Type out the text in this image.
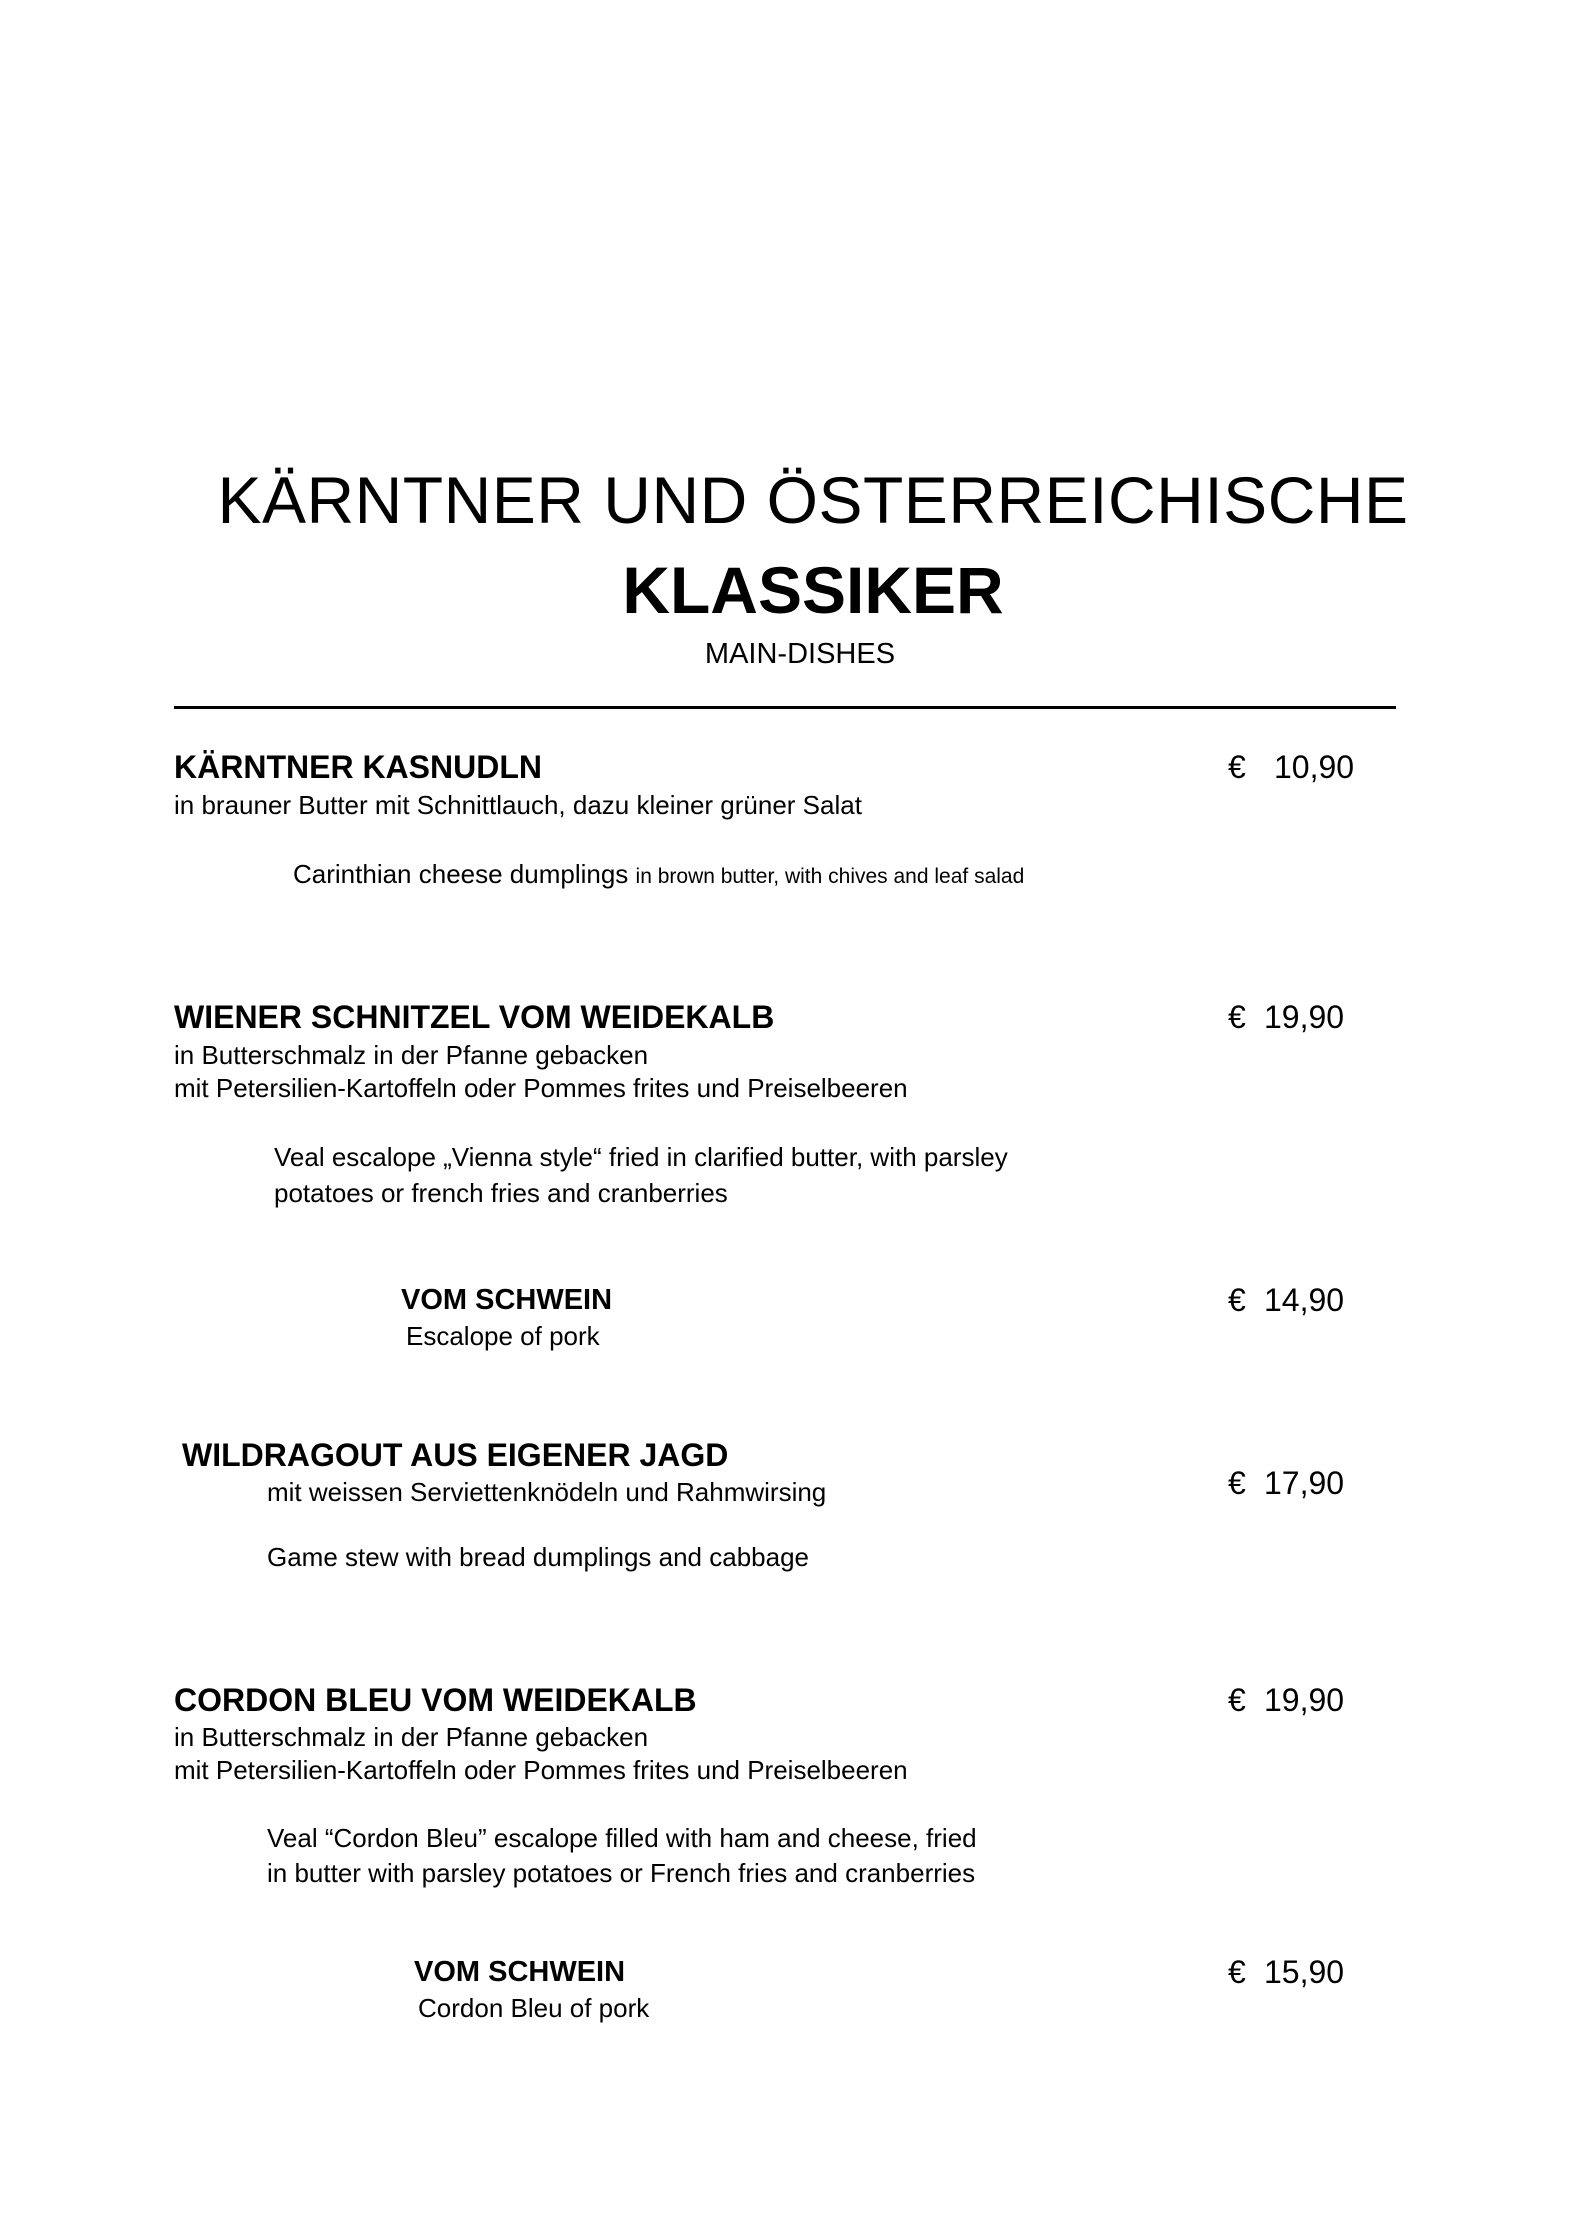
KÄRNTNER UND ÖSTERREICHISCHE
KLASSIKER
MAIN-DISHES
KÄRNTNER KASNUDLN
in brauner Butter mit Schnittlauch, dazu kleiner grüner Salat
Carinthian cheese dumplings in brown butter, with chives and leaf salad
€ 10,90
WIENER SCHNITZEL VOM WEIDEKALB
in Butterschmalz in der Pfanne gebacken
mit Petersilien-Kartoffeln oder Pommes frites und Preiselbeeren
Veal escalope „Vienna style“ fried in clarified butter, with parsley
potatoes or french fries and cranberries
€ 19,90
VOM SCHWEIN
Escalope of pork
€ 14,90
WILDRAGOUT AUS EIGENER JAGD
mit weissen Serviettenknödeln und Rahmwirsing
Game stew with bread dumplings and cabbage
€ 17,90
CORDON BLEU VOM WEIDEKALB
in Butterschmalz in der Pfanne gebacken
mit Petersilien-Kartoffeln oder Pommes frites und Preiselbeeren
Veal “Cordon Bleu” escalope filled with ham and cheese, fried
in butter with parsley potatoes or French fries and cranberries
€ 19,90
VOM SCHWEIN
Cordon Bleu of pork
€ 15,90
